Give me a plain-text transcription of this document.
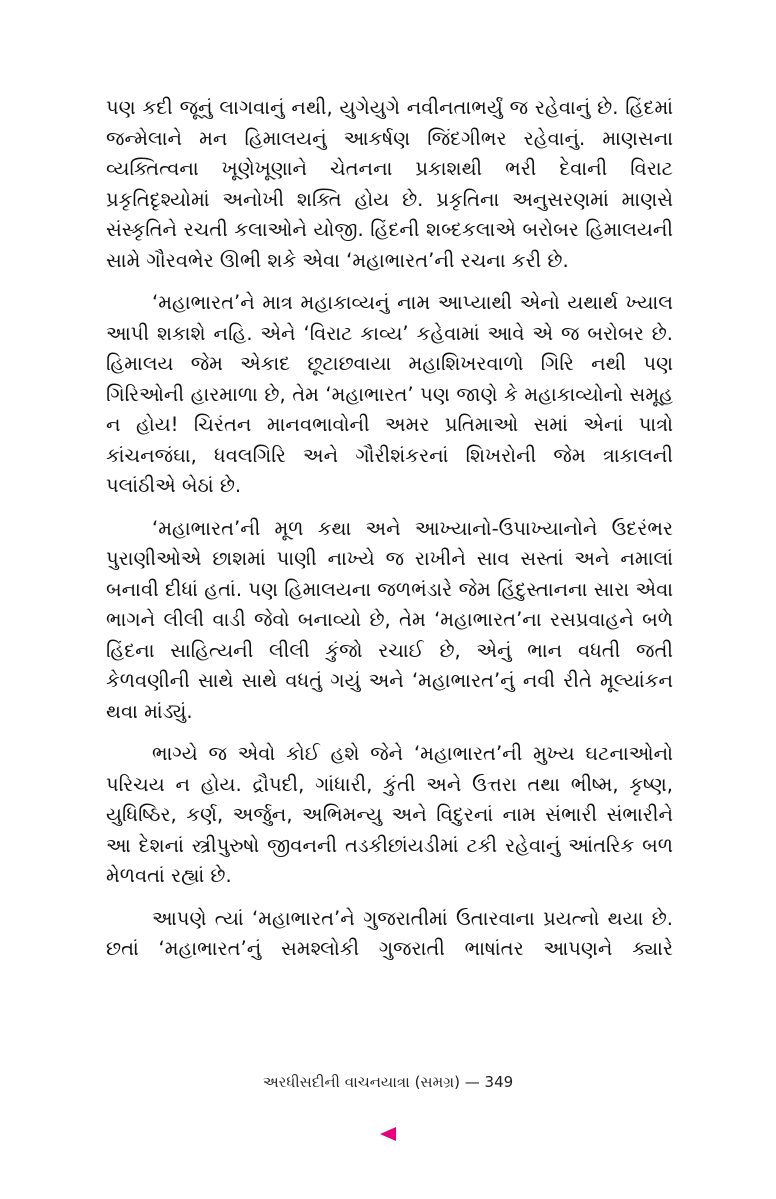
પણ કદી જૂનું લાગવાનું નથી, યુગેયુગે નવીનતાભર્યું જ રહેવાનું છે. હિંદમાં જન્મેલાને મન હિમાલયનું આકર્ષણ જિંદગીભર રહેવાનું. માણસના વ્યક્તિત્વના ખૂણેખૂણાને ચેતનના પ્રકાશથી ભરી દેવાની વિરાટ પ્રકૃતિદૃશ્યોમાં અનોખી શક્તિ હોય છે. પ્રકૃતિના અનુસરણમાં માણસે સંસ્કૃતિને રચતી કલાઓને યોજી. હિંદની શબ્દકલાએ બરોબર હિમાલયની સામે ગૌરવભેર ઊભી શકે એવા ‘મહાભારત’ની રચના કરી છે.

‘મહાભારત’ને માત્ર મહાકાવ્યનું નામ આપ્યાથી એનો યથાર્થ ખ્યાલ આપી શકાશે નહિ. એને ‘વિરાટ કાવ્ય’ કહેવામાં આવે એ જ બરોબર છે. હિમાલય જેમ એકાદ છૂટાછવાયા મહાશિખરવાળો ગિરિ નથી પણ ગિરિઓની હારમાળા છે, તેમ ‘મહાભારત’ પણ જાણે કે મહાકાવ્યોનો સમૂહ ન હોય! ચિરંતન માનવભાવોની અમર પ્રતિમાઓ સમાં એનાં પાત્રો કાંચનજંઘા, ધવલગિરિ અને ગૌરીશંકરનાં શિખરોની જેમ ત્રાકાલની પલાંઠીએ બેઠાં છે.

‘મહાભારત’ની મૂળ કથા અને આખ્યાનો-ઉપાખ્યાનોને ઉદરંભર પુરાણીઓએ છાશમાં પાણી નાખ્યે જ રાખીને સાવ સસ્તાં અને નમાલાં બનાવી દીધાં હતાં. પણ હિમાલયના જળભંડારે જેમ હિંદુસ્તાનના સારા એવા ભાગને લીલી વાડી જેવો બનાવ્યો છે, તેમ ‘મહાભારત’ના રસપ્રવાહને બળે હિંદના સાહિત્યની લીલી કુંજો રચાઈ છે, એનું ભાન વધતી જતી કેળવણીની સાથે સાથે વધતું ગયું અને ‘મહાભારત’નું નવી રીતે મૂલ્યાંકન થવા માંડ્યું.

ભાગ્યે જ એવો કોઈ હશે જેને ‘મહાભારત’ની મુખ્ય ઘટનાઓનો પરિચય ન હોય. દ્રૌપદી, ગાંધારી, કુંતી અને ઉત્તરા તથા ભીષ્મ, કૃષ્ણ, યુધિષ્ઠિર, કર્ણ, અર્જુન, અભિમન્યુ અને વિદુરનાં નામ સંભારી સંભારીને આ દેશનાં સ્ત્રીપુરુષો જીવનની તડકીછાંયડીમાં ટકી રહેવાનું આંતરિક બળ મેળવતાં રહ્યાં છે.

આપણે ત્યાં ‘મહાભારત’ને ગુજરાતીમાં ઉતારવાના પ્રયત્નો થયા છે. છતાં ‘મહાભારત’નું સમશ્લોકી ગુજરાતી ભાષાંતર આપણને ક્યારે

અરધીસદીની વાચનયાત્રા (સમગ્ર) — 349
